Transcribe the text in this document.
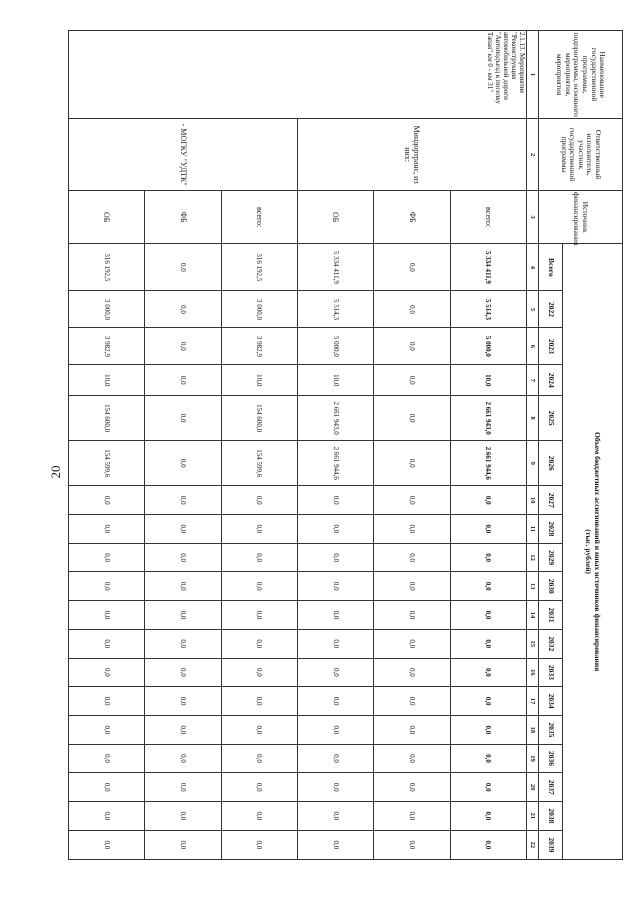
20
Наименование государственной программы, подпрограммы, основного мероприятия, мероприятия	Ответственный исполнитель, участник государственной программы	Источник финансирования	Объем бюджетных ассигнований и иных источников финансирования
(тыс. рублей)																		

			Всего	2022	2023	2024	2025	2026	2027	2028	2029	2030	2031	2032	2033	2034	2035	2036	2037	2038	2039
1	2	3	4	5	6	7	8	9	10	11	12	13	14	15	16	17	18	19	20	21	22
2.1.13. Мероприятие "Реконструкция автомобильной дороги "Автоподъезд к поселку Тапая" км 0 - км 31"	Миндортранс, из них:	всего:	5 334 411,9	5 514,3	5 000,0	10,0	2 661 943,0	2 661 944,6	0,0	0,0	0,0	0,0	0,0	0,0	0,0	0,0	0,0	0,0	0,0	0,0	0,0
		ФБ	0,0	0,0	0,0	0,0	0,0	0,0	0,0	0,0	0,0	0,0	0,0	0,0	0,0	0,0	0,0	0,0	0,0	0,0	0,0
		ОБ	5 334 411,9	5 514,3	5 000,0	10,0	2 661 943,0	2 661 944,6	0,0	0,0	0,0	0,0	0,0	0,0	0,0	0,0	0,0	0,0	0,0	0,0	0,0
	- МОГКУ "УДТК"	всего:	316 192,5	3 000,0	3 982,9	10,0	154 600,0	154 599,6	0,0	0,0	0,0	0,0	0,0	0,0	0,0	0,0	0,0	0,0	0,0	0,0	0,0
		ФБ	0,0	0,0	0,0	0,0	0,0	0,0	0,0	0,0	0,0	0,0	0,0	0,0	0,0	0,0	0,0	0,0	0,0	0,0	0,0
		ОБ	316 192,5	3 000,0	3 982,9	10,0	154 600,0	154 599,6	0,0	0,0	0,0	0,0	0,0	0,0	0,0	0,0	0,0	0,0	0,0	0,0	0,0
